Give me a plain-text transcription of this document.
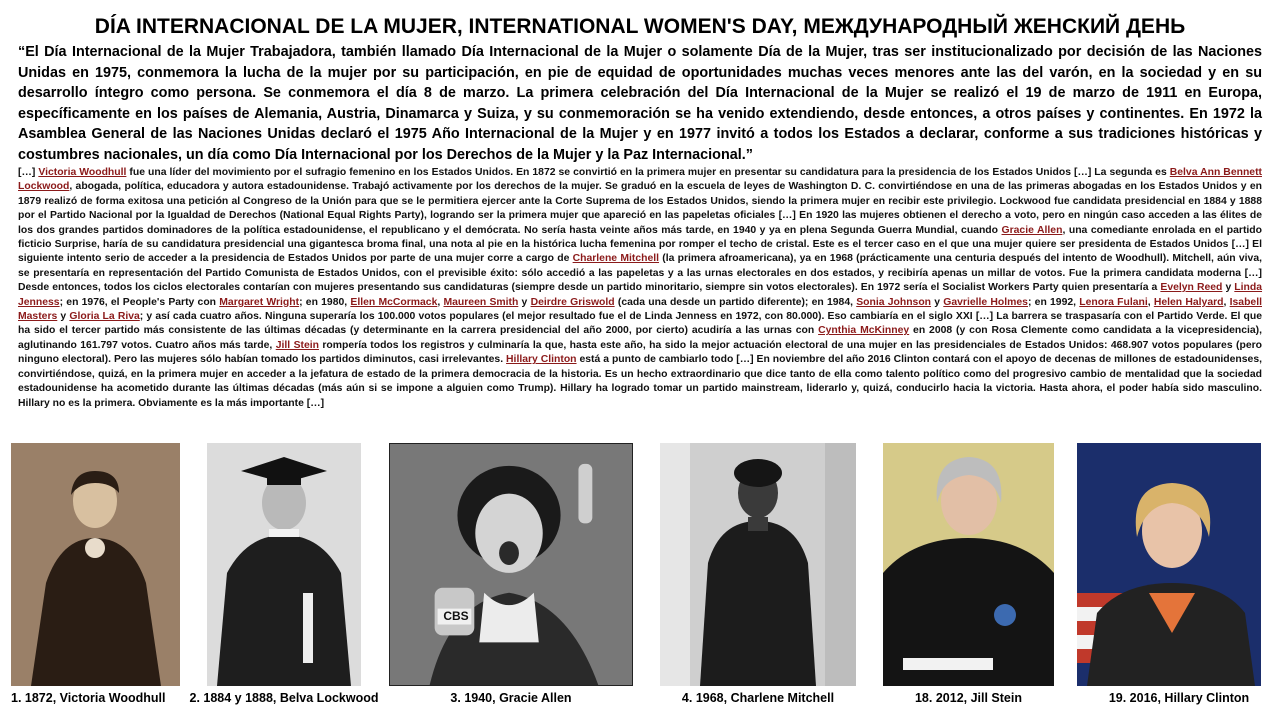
DÍA INTERNACIONAL DE LA MUJER, INTERNATIONAL WOMEN'S DAY, МЕЖДУНАРОДНЫЙ ЖЕНСКИЙ ДЕНЬ
“El Día Internacional de la Mujer Trabajadora, también llamado Día Internacional de la Mujer o solamente Día de la Mujer, tras ser institucionalizado por decisión de las Naciones Unidas en 1975, conmemora la lucha de la mujer por su participación, en pie de equidad de oportunidades muchas veces menores ante las del varón, en la sociedad y en su desarrollo íntegro como persona. Se conmemora el día 8 de marzo. La primera celebración del Día Internacional de la Mujer se realizó el 19 de marzo de 1911 en Europa, específicamente en los países de Alemania, Austria, Dinamarca y Suiza, y su conmemoración se ha venido extendiendo, desde entonces, a otros países y continentes. En 1972 la Asamblea General de las Naciones Unidas declaró el 1975 Año Internacional de la Mujer y en 1977 invitó a todos los Estados a declarar, conforme a sus tradiciones históricas y costumbres nacionales, un día como Día Internacional por los Derechos de la Mujer y la Paz Internacional.”
[…] Victoria Woodhull fue una líder del movimiento por el sufragio femenino en los Estados Unidos. En 1872 se convirtió en la primera mujer en presentar su candidatura para la presidencia de los Estados Unidos […] La segunda es Belva Ann Bennett Lockwood, abogada, política, educadora y autora estadounidense. Trabajó activamente por los derechos de la mujer. Se graduó en la escuela de leyes de Washington D. C. convirtiéndose en una de las primeras abogadas en los Estados Unidos y en 1879 realizó de forma exitosa una petición al Congreso de la Unión para que se le permitiera ejercer ante la Corte Suprema de los Estados Unidos, siendo la primera mujer en recibir este privilegio. Lockwood fue candidata presidencial en 1884 y 1888 por el Partido Nacional por la Igualdad de Derechos (National Equal Rights Party), logrando ser la primera mujer que apareció en las papeletas oficiales […] En 1920 las mujeres obtienen el derecho a voto, pero en ningún caso acceden a las élites de los dos grandes partidos dominadores de la política estadounidense, el republicano y el demócrata. No sería hasta veinte años más tarde, en 1940 y ya en plena Segunda Guerra Mundial, cuando Gracie Allen, una comediante enrolada en el partido ficticio Surprise, haría de su candidatura presidencial una gigantesca broma final, una nota al pie en la histórica lucha femenina por romper el techo de cristal. Este es el tercer caso en el que una mujer quiere ser presidenta de Estados Unidos […] El siguiente intento serio de acceder a la presidencia de Estados Unidos por parte de una mujer corre a cargo de Charlene Mitchell (la primera afroamericana), ya en 1968 (prácticamente una centuria después del intento de Woodhull). Mitchell, aún viva, se presentaría en representación del Partido Comunista de Estados Unidos, con el previsible éxito: sólo accedió a las papeletas y a las urnas electorales en dos estados, y recibiría apenas un millar de votos. Fue la primera candidata moderna […] Desde entonces, todos los ciclos electorales contarían con mujeres presentando sus candidaturas (siempre desde un partido minoritario, siempre sin votos electorales). En 1972 sería el Socialist Workers Party quien presentaría a Evelyn Reed y Linda Jenness; en 1976, el People's Party con Margaret Wright; en 1980, Ellen McCormack, Maureen Smith y Deirdre Griswold (cada una desde un partido diferente); en 1984, Sonia Johnson y Gavrielle Holmes; en 1992, Lenora Fulani, Helen Halyard, Isabell Masters y Gloria La Riva; y así cada cuatro años. Ninguna superaría los 100.000 votos populares (el mejor resultado fue el de Linda Jenness en 1972, con 80.000). Eso cambiaría en el siglo XXI […] La barrera se traspasaría con el Partido Verde. El que ha sido el tercer partido más consistente de las últimas décadas (y determinante en la carrera presidencial del año 2000, por cierto) acudiría a las urnas con Cynthia McKinney en 2008 (y con Rosa Clemente como candidata a la vicepresidencia), aglutinando 161.797 votos. Cuatro años más tarde, Jill Stein rompería todos los registros y culminaría la que, hasta este año, ha sido la mejor actuación electoral de una mujer en las presidenciales de Estados Unidos: 468.907 votos populares (pero ninguno electoral). Pero las mujeres sólo habían tomado los partidos diminutos, casi irrelevantes. Hillary Clinton está a punto de cambiarlo todo […] En noviembre del año 2016 Clinton contará con el apoyo de decenas de millones de estadounidenses, convirtiéndose, quizá, en la primera mujer en acceder a la jefatura de estado de la primera democracia de la historia. Es un hecho extraordinario que dice tanto de ella como talento político como del progresivo cambio de mentalidad que la sociedad estadounidense ha acometido durante las últimas décadas (más aún si se impone a alguien como Trump). Hillary ha logrado tomar un partido mainstream, liderarlo y, quizá, conducirlo hacia la victoria. Hasta ahora, el poder había sido masculino. Hillary no es la primera. Obviamente es la más importante […]
CBS
1. 1872, Victoria Woodhull 2. 1884 y 1888, Belva Lockwood	3. 1940, Gracie Allen	4. 1968, Charlene Mitchell	18. 2012, Jill Stein	19. 2016, Hillary Clinton
